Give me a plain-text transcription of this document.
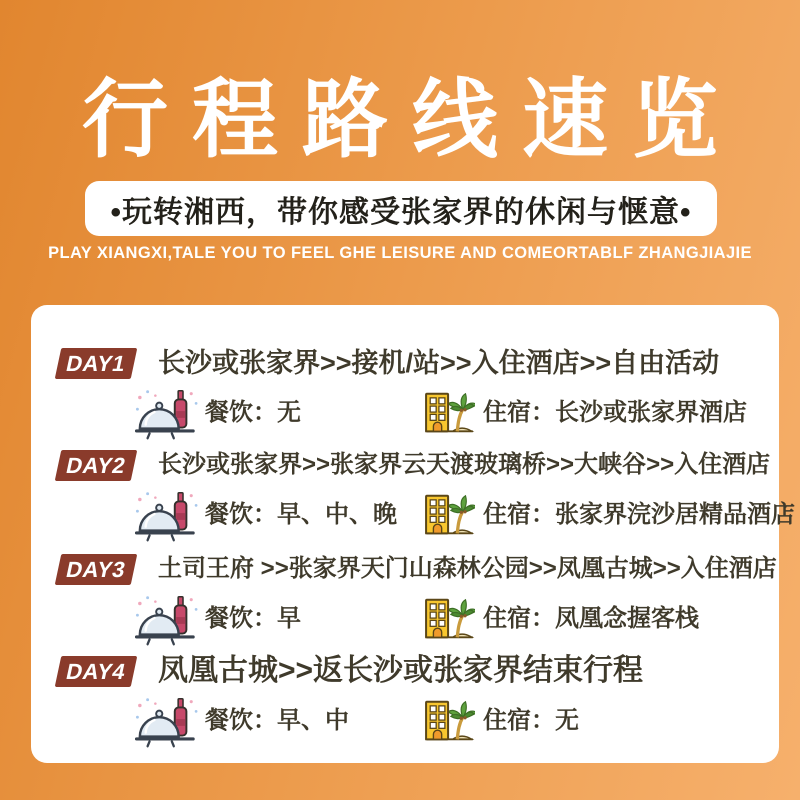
行程路线速览
•玩转湘西，带你感受张家界的休闲与惬意•
PLAY XIANGXI,TALE YOU TO FEEL GHE LEISURE AND COMEORTABLF ZHANGJIAJIE
DAY1 长沙或张家界>>接机/站>>入住酒店>>自由活动
餐饮：无	住宿：长沙或张家界酒店
DAY2 长沙或张家界>>张家界云天渡玻璃桥>>大峡谷>>入住酒店
餐饮：早、中、晚	住宿：张家界浣沙居精品酒店
DAY3 土司王府 >>张家界天门山森林公园>>凤凰古城>>入住酒店
餐饮：早	住宿：凤凰念握客栈
DAY4 凤凰古城>>返长沙或张家界结束行程
餐饮：早、中	住宿：无
